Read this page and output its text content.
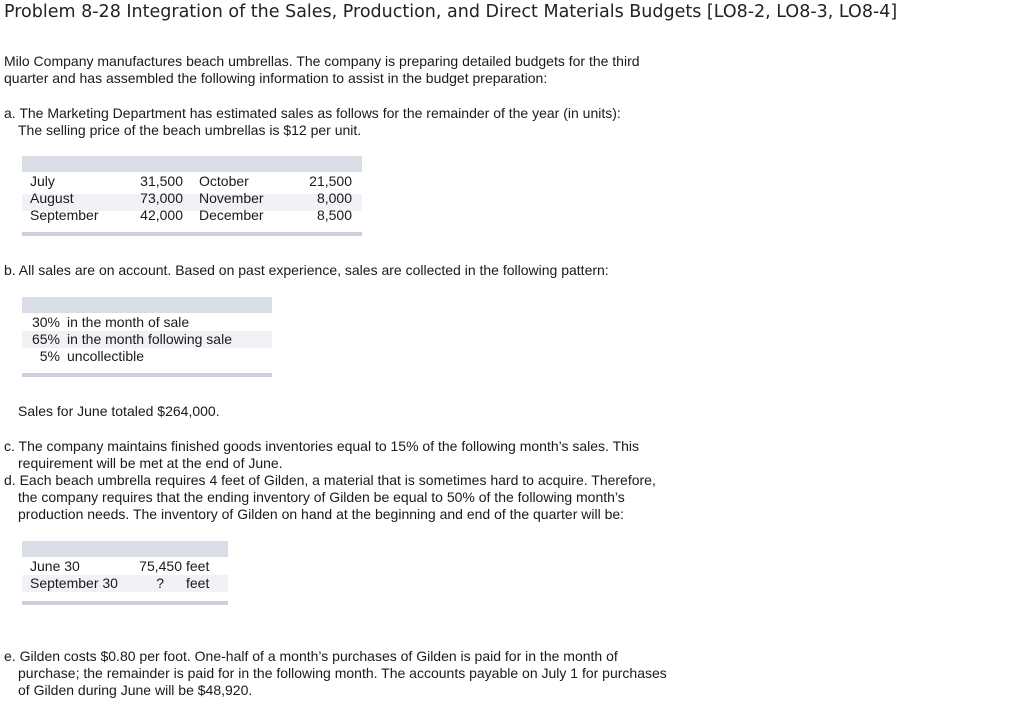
Problem 8-28 Integration of the Sales, Production, and Direct Materials Budgets [LO8-2, LO8-3, LO8-4]
Milo Company manufactures beach umbrellas. The company is preparing detailed budgets for the third
quarter and has assembled the following information to assist in the budget preparation:
a. The Marketing Department has estimated sales as follows for the remainder of the year (in units):
The selling price of the beach umbrellas is $12 per unit.
July	31,500 October	21,500
August	73,000 November	8,000
September	42,000 December	8,500
b. All sales are on account. Based on past experience, sales are collected in the following pattern:
30% in the month of sale
65% in the month following sale
5% uncollectible
Sales for June totaled $264,000.
c. The company maintains finished goods inventories equal to 15% of the following month’s sales. This
requirement will be met at the end of June.
d. Each beach umbrella requires 4 feet of Gilden, a material that is sometimes hard to acquire. Therefore,
the company requires that the ending inventory of Gilden be equal to 50% of the following month’s
production needs. The inventory of Gilden on hand at the beginning and end of the quarter will be:
June 30	75,450 feet
September 30	? feet
e. Gilden costs $0.80 per foot. One-half of a month’s purchases of Gilden is paid for in the month of
purchase; the remainder is paid for in the following month. The accounts payable on July 1 for purchases
of Gilden during June will be $48,920.
